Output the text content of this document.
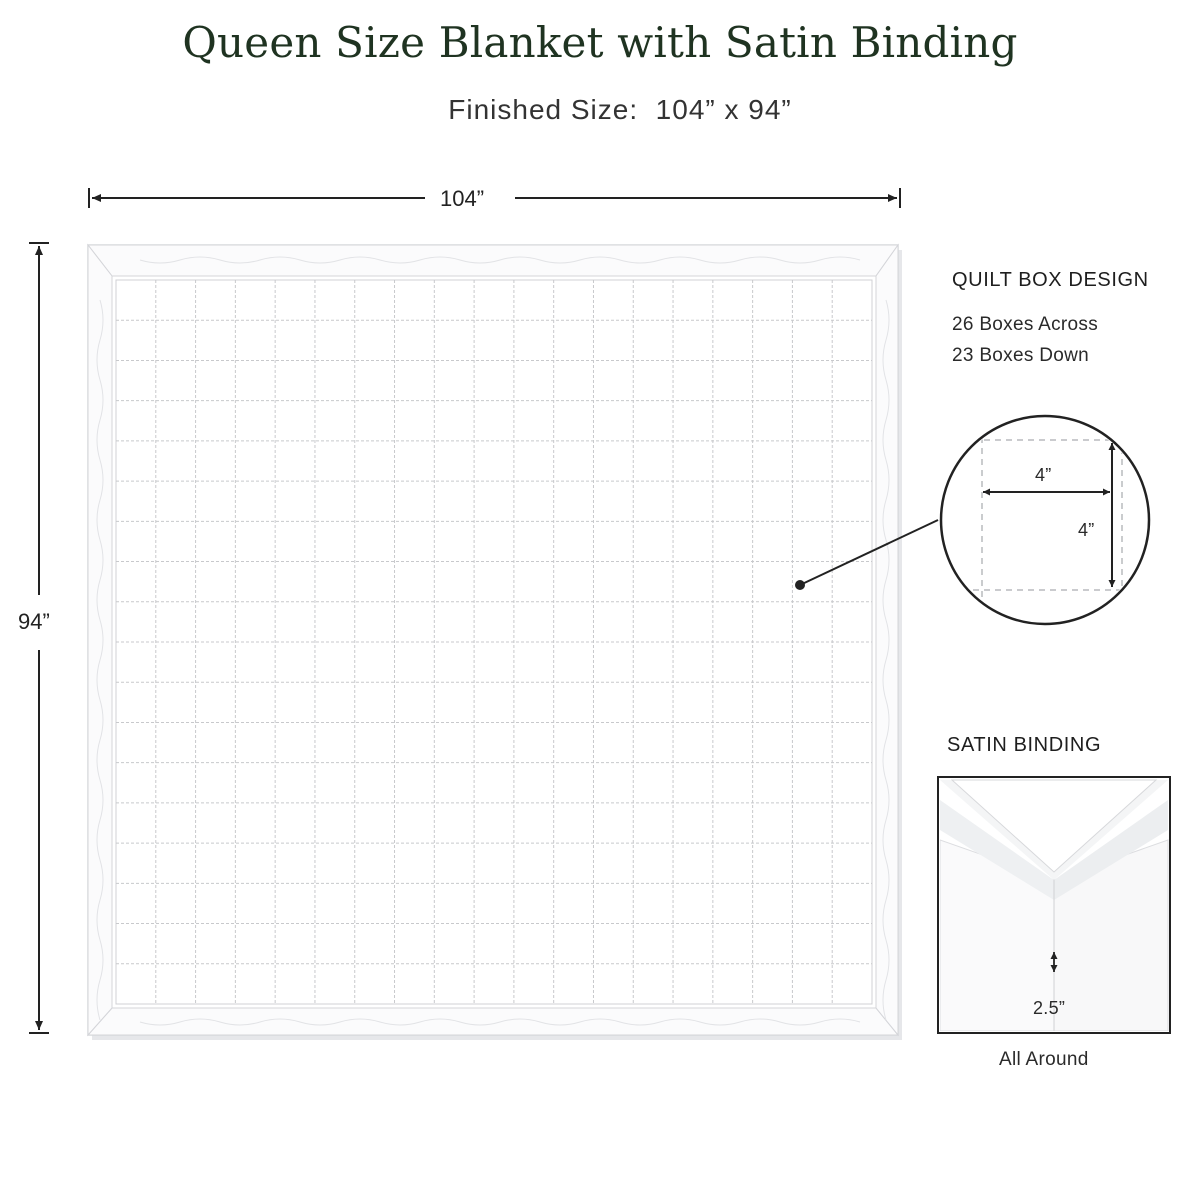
Queen Size Blanket with Satin Binding
Finished Size:  104” x 94”
104”
94”
QUILT BOX DESIGN
26 Boxes Across
23 Boxes Down
4”
4”
SATIN BINDING
2.5”
All Around
